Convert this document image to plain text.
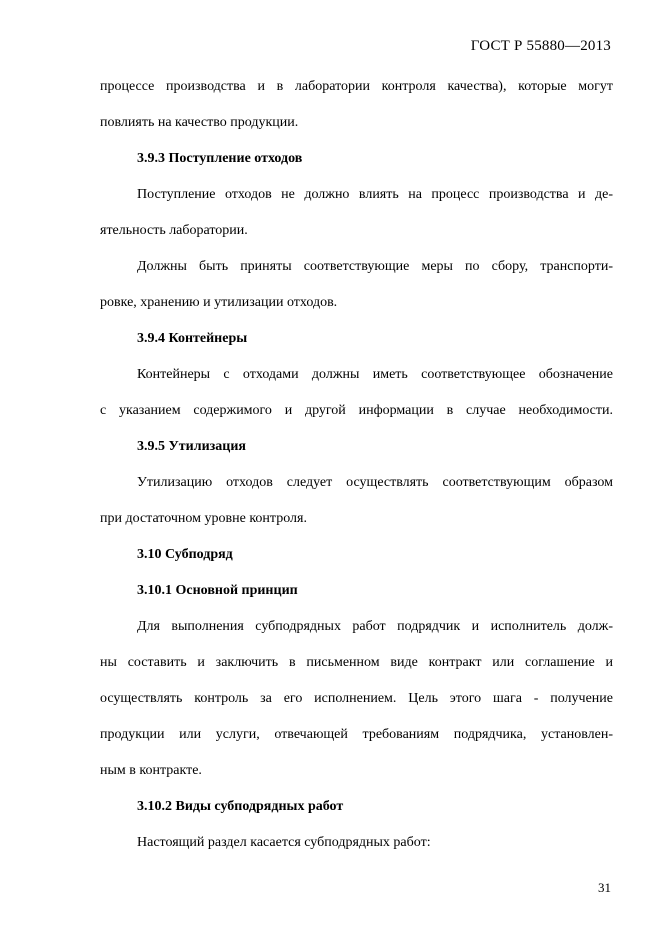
ГОСТ Р 55880—2013
процессе производства и в лаборатории контроля качества), которые могут
повлиять на качество продукции.
3.9.3 Поступление отходов
Поступление отходов не должно влиять на процесс производства и де-
ятельность лаборатории.
Должны быть приняты соответствующие меры по сбору, транспорти-
ровке, хранению и утилизации отходов.
3.9.4 Контейнеры
Контейнеры с отходами должны иметь соответствующее обозначение
с указанием содержимого и другой информации в случае необходимости.
3.9.5 Утилизация
Утилизацию отходов следует осуществлять соответствующим образом
при достаточном уровне контроля.
3.10 Субподряд
3.10.1 Основной принцип
Для выполнения субподрядных работ подрядчик и исполнитель долж-
ны составить и заключить в письменном виде контракт или соглашение и
осуществлять контроль за его исполнением. Цель этого шага - получение
продукции или услуги, отвечающей требованиям подрядчика, установлен-
ным в контракте.
3.10.2 Виды субподрядных работ
Настоящий раздел касается субподрядных работ:
31
